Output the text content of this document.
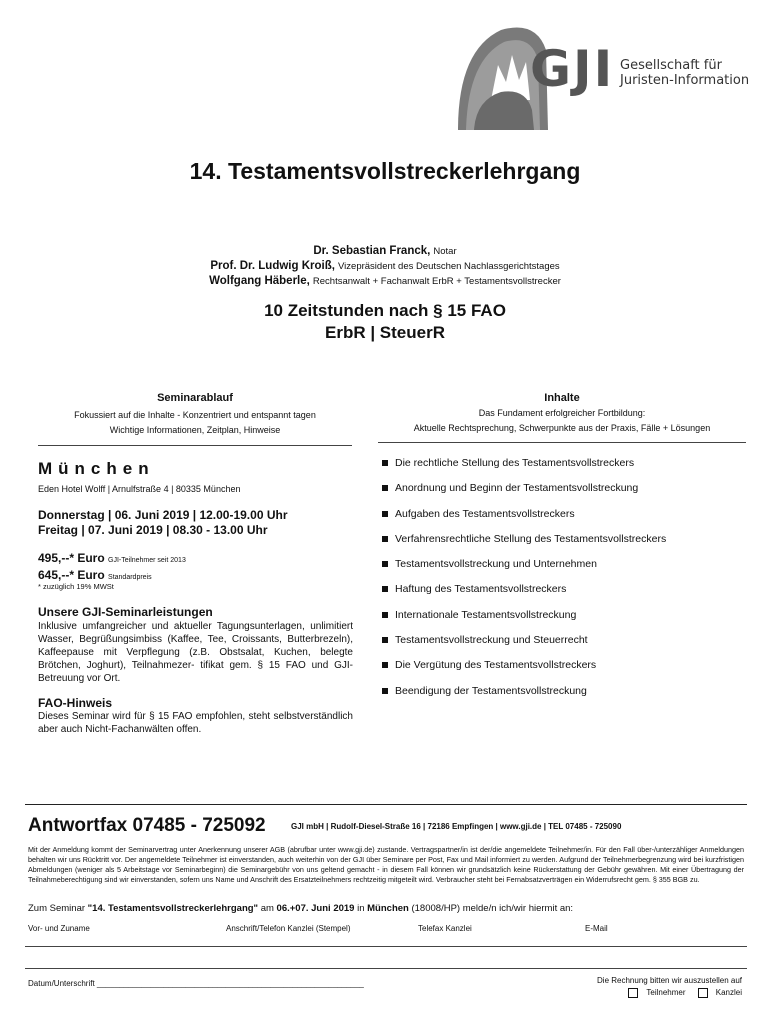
GJI Gesellschaft für
Juristen-Information
14. Testamentsvollstreckerlehrgang
Dr. Sebastian Franck, Notar
Prof. Dr. Ludwig Kroiß, Vizepräsident des Deutschen Nachlassgerichtstages
Wolfgang Häberle, Rechtsanwalt + Fachanwalt ErbR + Testamentsvollstrecker
10 Zeitstunden nach § 15 FAO
ErbR | SteuerR
Seminarablauf
Fokussiert auf die Inhalte - Konzentriert und entspannt tagen
Wichtige Informationen, Zeitplan, Hinweise
Inhalte
Das Fundament erfolgreicher Fortbildung:
Aktuelle Rechtsprechung, Schwerpunkte aus der Praxis, Fälle + Lösungen
München
Eden Hotel Wolff | Arnulfstraße 4 | 80335 München
Donnerstag | 06. Juni 2019 | 12.00-19.00 Uhr
Freitag | 07. Juni 2019 | 08.30 - 13.00 Uhr
495,--* Euro GJI-Teilnehmer seit 2013
645,--* Euro Standardpreis
* zuzüglich 19% MWSt
Unsere GJI-Seminarleistungen
Inklusive umfangreicher und aktueller Tagungsunterlagen, unlimitiert Wasser, Begrüßungsimbiss (Kaffee, Tee, Croissants, Butterbrezeln), Kaffeepause mit Verpflegung (z.B. Obstsalat, Kuchen, belegte Brötchen, Joghurt), Teilnahmezer- tifikat gem. § 15 FAO und GJI-Betreuung vor Ort.
FAO-Hinweis
Dieses Seminar wird für § 15 FAO empfohlen, steht selbstverständlich aber auch Nicht-Fachanwälten offen.
Die rechtliche Stellung des Testamentsvollstreckers
Anordnung und Beginn der Testamentsvollstreckung
Aufgaben des Testamentsvollstreckers
Verfahrensrechtliche Stellung des Testamentsvollstreckers
Testamentsvollstreckung und Unternehmen
Haftung des Testamentsvollstreckers
Internationale Testamentsvollstreckung
Testamentsvollstreckung und Steuerrecht
Die Vergütung des Testamentsvollstreckers
Beendigung der Testamentsvollstreckung
Antwortfax 07485 - 725092	GJI mbH | Rudolf-Diesel-Straße 16 | 72186 Empfingen | www.gji.de | TEL 07485 - 725090
Mit der Anmeldung kommt der Seminarvertrag unter Anerkennung unserer AGB (abrufbar unter www.gji.de) zustande. Vertragspartner/in ist der/die angemeldete Teilnehmer/in. Für den Fall über-/unterzähliger Anmeldungen behalten wir uns Rücktritt vor. Der angemeldete Teilnehmer ist einverstanden, auch weiterhin von der GJI über Seminare per Post, Fax und Mail informiert zu werden. Aufgrund der Teilnehmerbegrenzung wird bei kurzfristigen Abmeldungen (weniger als 5 Arbeitstage vor Seminarbeginn) die Seminargebühr von uns geltend gemacht - in diesem Fall können wir grundsätzlich keine Rückerstattung der Gebühr gewähren. Mit einer Übertragung der Teilnahmeberechtigung sind wir einverstanden, sofern uns Name und Anschrift des Ersatzteilnehmers rechtzeitig mitgeteilt wird. Verbraucher steht bei Fernabsatzverträgen ein Widerrufsrecht gem. § 355 BGB zu.
Zum Seminar "14. Testamentsvollstreckerlehrgang" am 06.+07. Juni 2019 in München (18008/HP) melde/n ich/wir hiermit an:
Vor- und Zuname	Anschrift/Telefon Kanzlei (Stempel)	Telefax Kanzlei	E-Mail
Datum/Unterschrift ____________________________________________________________	Die Rechnung bitten wir auszustellen auf
Teilnehmer	Kanzlei
